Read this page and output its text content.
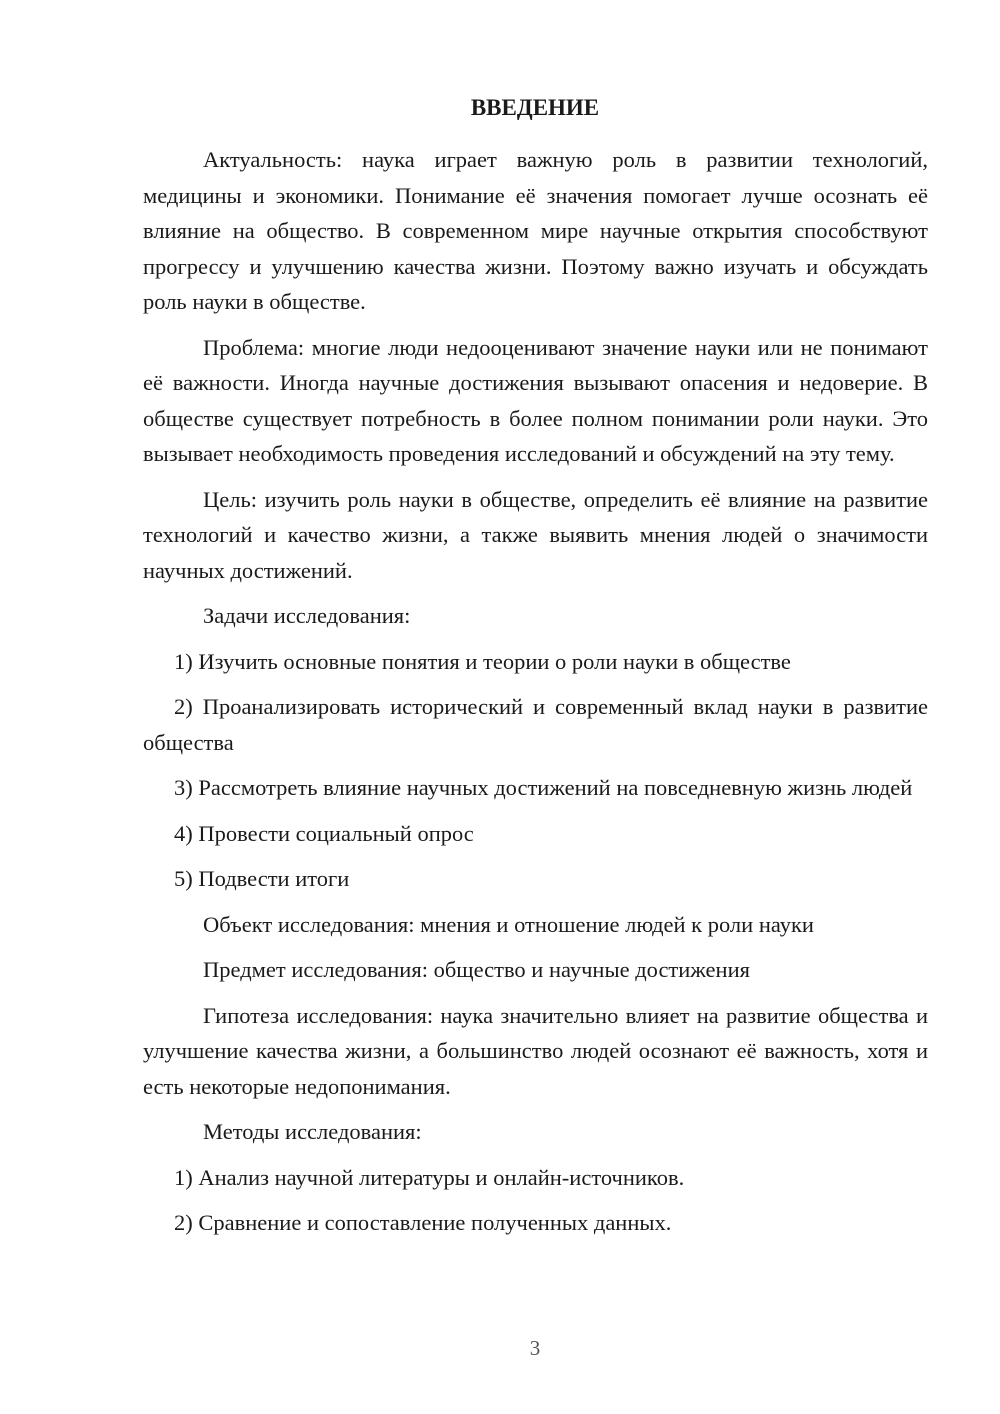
ВВЕДЕНИЕ

Актуальность: наука играет важную роль в развитии технологий, медицины и экономики. Понимание её значения помогает лучше осознать её влияние на общество. В современном мире научные открытия способствуют прогрессу и улучшению качества жизни. Поэтому важно изучать и обсуждать роль науки в обществе.

Проблема: многие люди недооценивают значение науки или не понимают её важности. Иногда научные достижения вызывают опасения и недоверие. В обществе существует потребность в более полном понимании роли науки. Это вызывает необходимость проведения исследований и обсуждений на эту тему.

Цель: изучить роль науки в обществе, определить её влияние на развитие технологий и качество жизни, а также выявить мнения людей о значимости научных достижений.

Задачи исследования:

1) Изучить основные понятия и теории о роли науки в обществе

2) Проанализировать исторический и современный вклад науки в развитие общества

3) Рассмотреть влияние научных достижений на повседневную жизнь людей

4) Провести социальный опрос

5) Подвести итоги

Объект исследования: мнения и отношение людей к роли науки

Предмет исследования: общество и научные достижения

Гипотеза исследования: наука значительно влияет на развитие общества и улучшение качества жизни, а большинство людей осознают её важность, хотя и есть некоторые недопонимания.

Методы исследования:

1) Анализ научной литературы и онлайн-источников.

2) Сравнение и сопоставление полученных данных.

3
